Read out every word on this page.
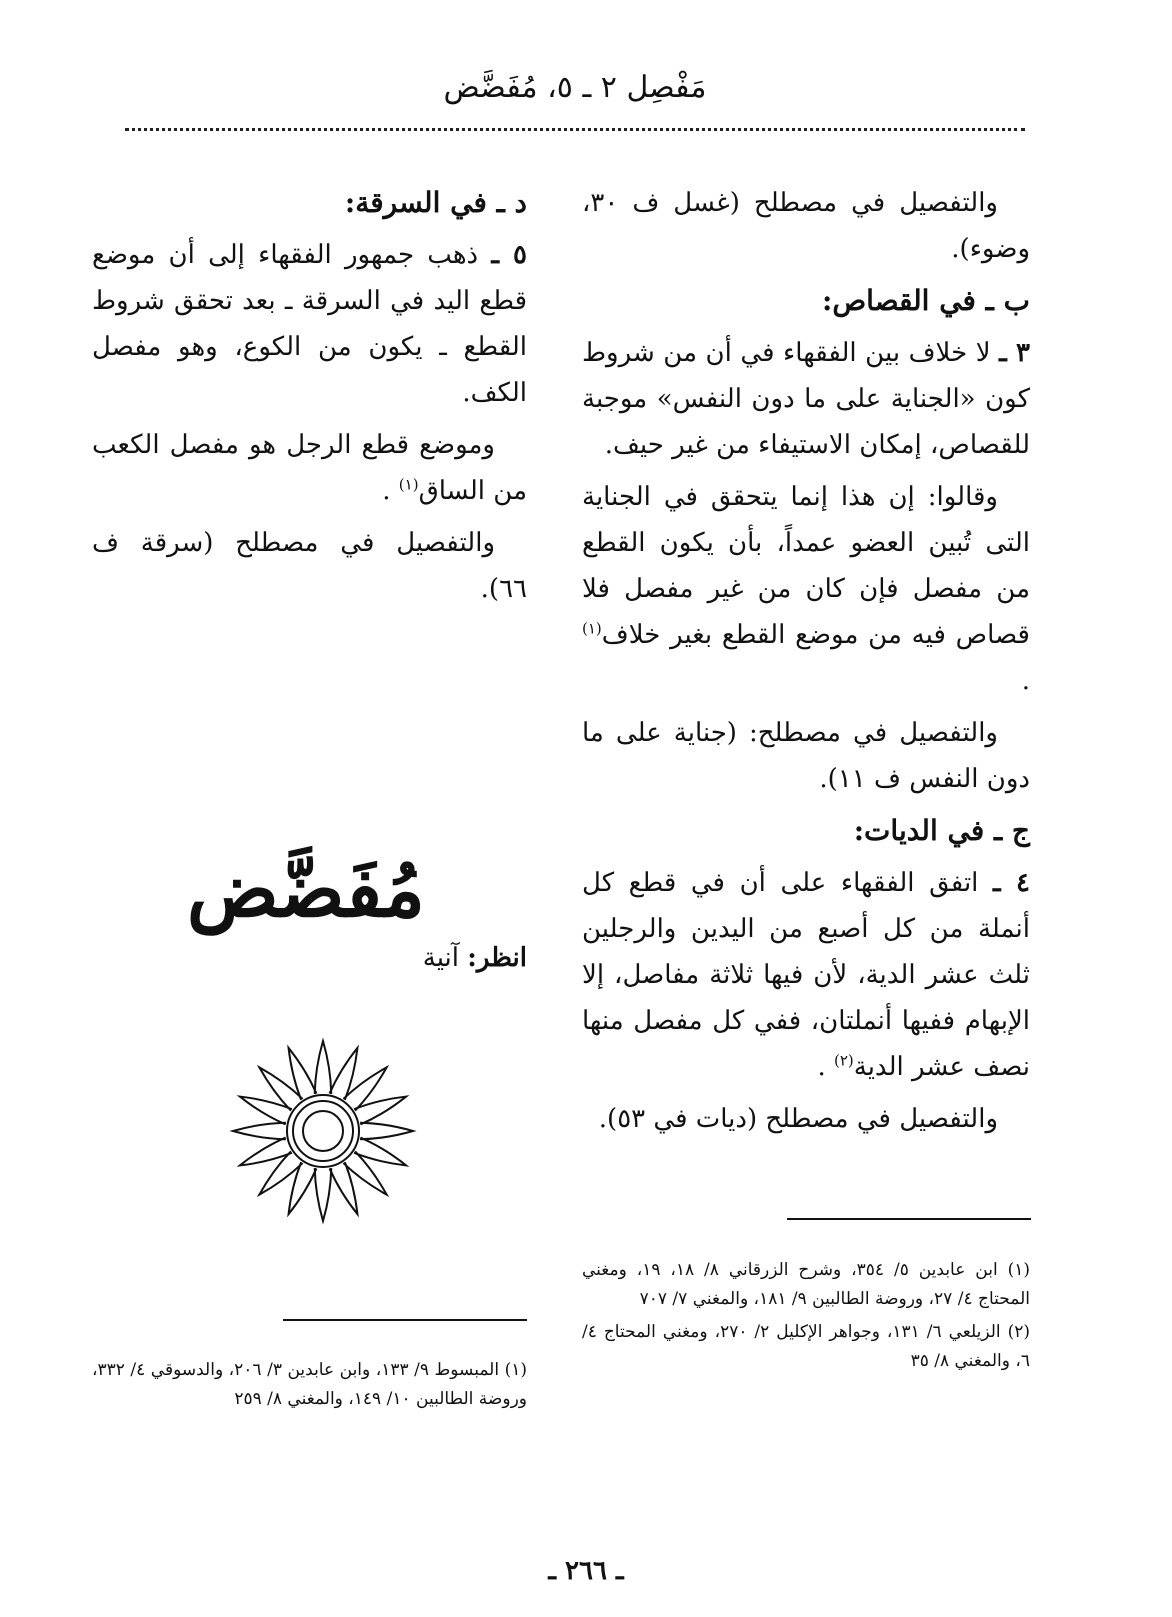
مَفْصِل ٢ ـ ٥، مُفَضَّض

والتفصيل في مصطلح (غسل ف ٣٠، وضوء).

ب ـ في القصاص:

٣ ـ لا خلاف بين الفقهاء في أن من شروط كون «الجناية على ما دون النفس» موجبة للقصاص، إمكان الاستيفاء من غير حيف.

وقالوا: إن هذا إنما يتحقق في الجناية التى تُبين العضو عمداً، بأن يكون القطع من مفصل فإن كان من غير مفصل فلا قصاص فيه من موضع القطع بغير خلاف$^{(١)}$ .

والتفصيل في مصطلح: (جناية على ما دون النفس ف ١١).

ج ـ في الديات:

٤ ـ اتفق الفقهاء على أن في قطع كل أنملة من كل أصبع من اليدين والرجلين ثلث عشر الدية، لأن فيها ثلاثة مفاصل، إلا الإبهام ففيها أنملتان، ففي كل مفصل منها نصف عشر الدية$^{(٢)}$ .

والتفصيل في مصطلح (ديات في ٥٣).

د ـ في السرقة:

٥ ـ ذهب جمهور الفقهاء إلى أن موضع قطع اليد في السرقة ـ بعد تحقق شروط القطع ـ يكون من الكوع، وهو مفصل الكف.

وموضع قطع الرجل هو مفصل الكعب من الساق$^{(١)}$ .

والتفصيل في مصطلح (سرقة ف ٦٦).

مُفَضَّض
انظر: آنية

(١) ابن عابدين ٥/ ٣٥٤، وشرح الزرقاني ٨/ ١٨، ١٩، ومغني المحتاج ٤/ ٢٧، وروضة الطالبين ٩/ ١٨١، والمغني ٧/ ٧٠٧

(٢) الزيلعي ٦/ ١٣١، وجواهر الإكليل ٢/ ٢٧٠، ومغني المحتاج ٤/ ٦، والمغني ٨/ ٣٥

(١) المبسوط ٩/ ١٣٣، وابن عابدين ٣/ ٢٠٦، والدسوقي ٤/ ٣٣٢، وروضة الطالبين ١٠/ ١٤٩، والمغني ٨/ ٢٥٩

ـ ٢٦٦ ـ
